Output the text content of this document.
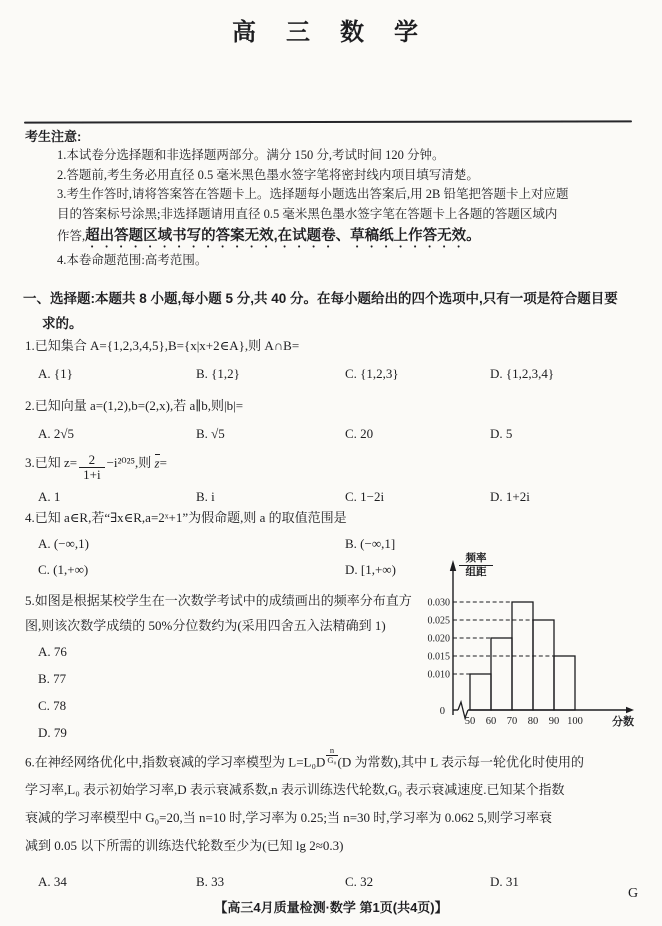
高 三 数 学
考生注意:
1.本试卷分选择题和非选择题两部分。满分 150 分,考试时间 120 分钟。
2.答题前,考生务必用直径 0.5 毫米黑色墨水签字笔将密封线内项目填写清楚。
3.考生作答时,请将答案答在答题卡上。选择题每小题选出答案后,用 2B 铅笔把答题卡上对应题
目的答案标号涂黑;非选择题请用直径 0.5 毫米黑色墨水签字笔在答题卡上各题的答题区域内
作答,超出答题区域书写的答案无效,在试题卷、草稿纸上作答无效。
4.本卷命题范围:高考范围。
一、选择题:本题共 8 小题,每小题 5 分,共 40 分。在每小题给出的四个选项中,只有一项是符合题目要
求的。
1.已知集合 A={1,2,3,4,5},B={x|x+2∈A},则 A∩B=
A. {1}	B. {1,2}	C. {1,2,3}	D. {1,2,3,4}
2.已知向量 a=(1,2),b=(2,x),若 a∥b,则|b|=
A. 2√5	B. √5	C. 20	D. 5
3.已知 $z= \frac{2}{1+i} -i^{2025}$,则 z=
A. 1	B. i	C. 1−2i	D. 1+2i
4.已知 a∈R,若“∃x∈R,a=2ˣ+1”为假命题,则 a 的取值范围是
A. (−∞,1)	B. (−∞,1]
C. (1,+∞)	D. [1,+∞)
5.如图是根据某校学生在一次数学考试中的成绩画出的频率分布直方
图,则该次数学成绩的 50%分位数约为(采用四舍五入法精确到 1)
A. 76
B. 77
C. 78
D. 79
0.010
0.015
0.020
0.025
0.030
0
50 60 70 80 90 100	分数
频率
组距
6.在神经网络优化中,指数衰减的学习率模型为 $L=L_0D \frac{n}{\text{G₀}} (D$ 为常数),其中 L 表示每一轮优化时使用的
学习率,L₀ 表示初始学习率,D 表示衰减系数,n 表示训练迭代轮数,G₀ 表示衰减速度.已知某个指数
衰减的学习率模型中 G₀=20,当 n=10 时,学习率为 0.25;当 n=30 时,学习率为 0.062 5,则学习率衰
减到 0.05 以下所需的训练迭代轮数至少为(已知 lg 2≈0.3)
A. 34	B. 33	C. 32	D. 31
【高三4月质量检测·数学 第1页(共4页)】
G
